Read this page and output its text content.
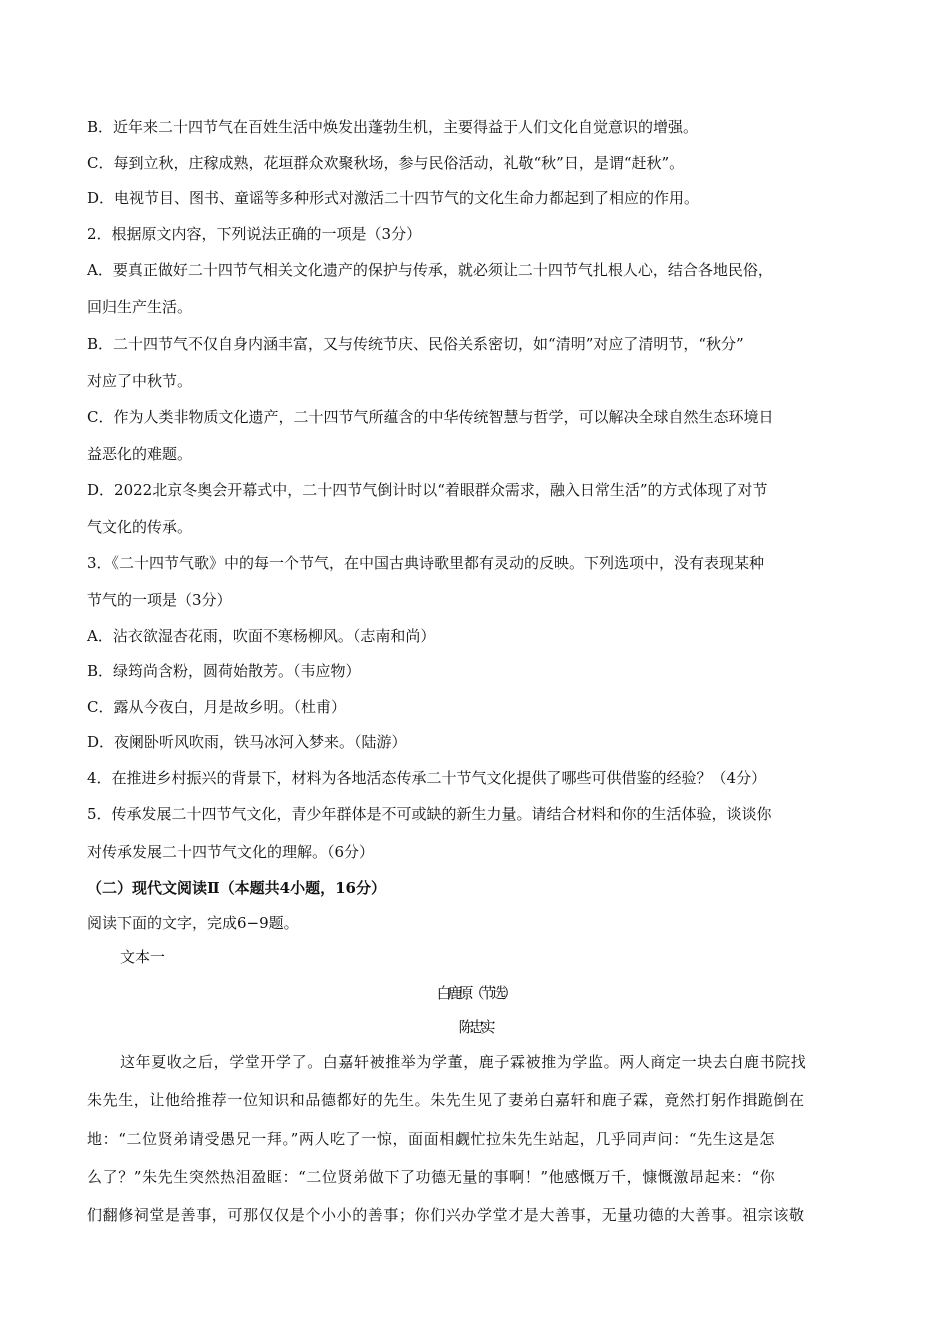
B．近年来二十四节气在百姓生活中焕发出蓬勃生机，主要得益于人们文化自觉意识的增强。
C．每到立秋，庄稼成熟，花垣群众欢聚秋场，参与民俗活动，礼敬“秋”日，是谓“赶秋”。
D．电视节目、图书、童谣等多种形式对激活二十四节气的文化生命力都起到了相应的作用。
2．根据原文内容，下列说法正确的一项是（3分）
A．要真正做好二十四节气相关文化遗产的保护与传承，就必须让二十四节气扎根人心，结合各地民俗，
回归生产生活。
B．二十四节气不仅自身内涵丰富，又与传统节庆、民俗关系密切，如“清明”对应了清明节，“秋分”
对应了中秋节。
C．作为人类非物质文化遗产，二十四节气所蕴含的中华传统智慧与哲学，可以解决全球自然生态环境日
益恶化的难题。
D．2022北京冬奥会开幕式中，二十四节气倒计时以“着眼群众需求，融入日常生活”的方式体现了对节
气文化的传承。
3．《二十四节气歌》中的每一个节气，在中国古典诗歌里都有灵动的反映。下列选项中，没有表现某种
节气的一项是（3分）
A．沾衣欲湿杏花雨，吹面不寒杨柳风。（志南和尚）
B．绿筠尚含粉，圆荷始散芳。（韦应物）
C．露从今夜白，月是故乡明。（杜甫）
D．夜阑卧听风吹雨，铁马冰河入梦来。（陆游）
4．在推进乡村振兴的背景下，材料为各地活态传承二十节气文化提供了哪些可供借鉴的经验？（4分）
5．传承发展二十四节气文化，青少年群体是不可或缺的新生力量。请结合材料和你的生活体验，谈谈你
对传承发展二十四节气文化的理解。（6分）
（二）现代文阅读Ⅱ（本题共4小题，16分）
阅读下面的文字，完成6−9题。
文本一
白鹿原（节选）
陈忠实
这年夏收之后，学堂开学了。白嘉轩被推举为学董，鹿子霖被推为学监。两人商定一块去白鹿书院找
朱先生，让他给推荐一位知识和品德都好的先生。朱先生见了妻弟白嘉轩和鹿子霖，竟然打躬作揖跪倒在
地：“二位贤弟请受愚兄一拜。”两人吃了一惊，面面相觑忙拉朱先生站起，几乎同声问：“先生这是怎
么了？”朱先生突然热泪盈眶：“二位贤弟做下了功德无量的事啊！”他感慨万千，慷慨激昂起来：“你
们翻修祠堂是善事，可那仅仅是个小小的善事；你们兴办学堂才是大善事，无量功德的大善事。祖宗该敬
